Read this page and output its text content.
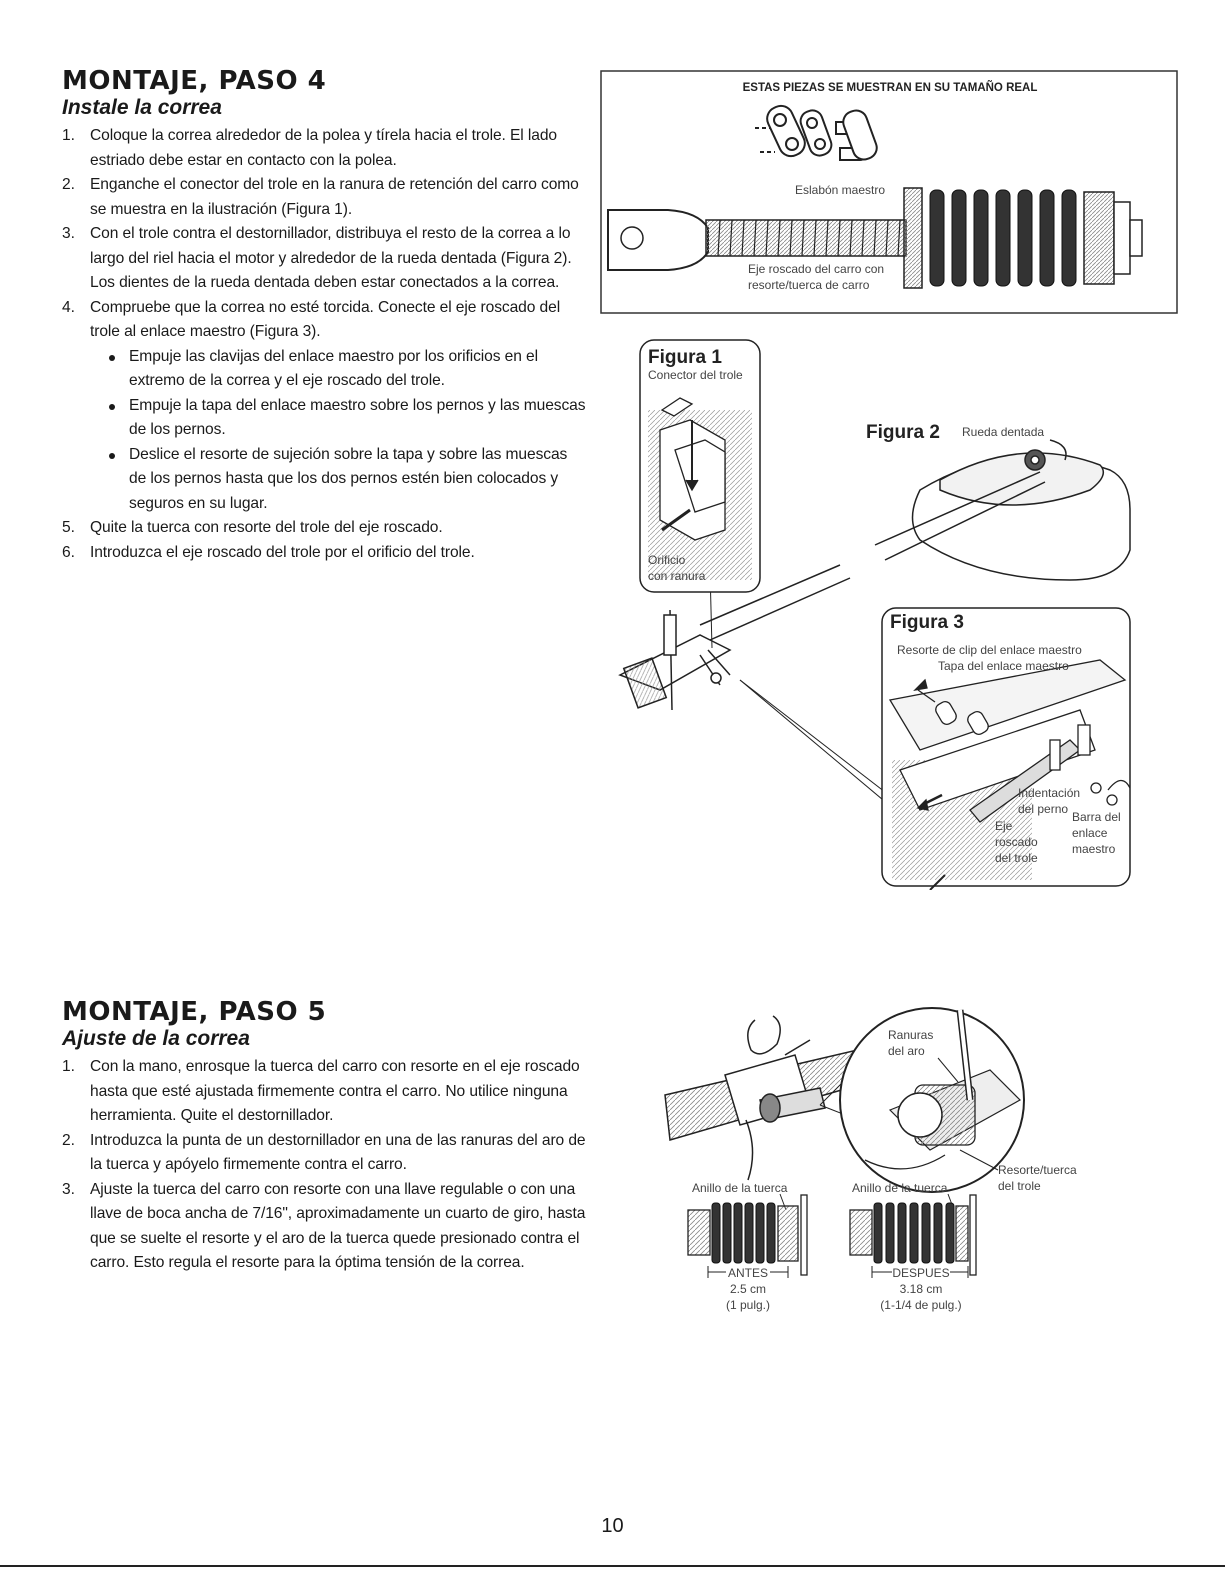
MONTAJE, PASO 4
Instale la correa
1. Coloque la correa alrededor de la polea y tírela hacia el trole. El lado estriado debe estar en contacto con la polea.
2. Enganche el conector del trole en la ranura de retención del carro como se muestra en la ilustración (Figura 1).
3. Con el trole contra el destornillador, distribuya el resto de la correa a lo largo del riel hacia el motor y alrededor de la rueda dentada (Figura 2). Los dientes de la rueda dentada deben estar conectados a la correa.
4. Compruebe que la correa no esté torcida. Conecte el eje roscado del trole al enlace maestro (Figura 3).
Empuje las clavijas del enlace maestro por los orificios en el extremo de la correa y el eje roscado del trole.
Empuje la tapa del enlace maestro sobre los pernos y las muescas de los pernos.
Deslice el resorte de sujeción sobre la tapa y sobre las muescas de los pernos hasta que los dos pernos estén bien colocados y seguros en su lugar.
5. Quite la tuerca con resorte del trole del eje roscado.
6. Introduzca el eje roscado del trole por el orificio del trole.
MONTAJE, PASO 5
Ajuste de la correa
1. Con la mano, enrosque la tuerca del carro con resorte en el eje roscado hasta que esté ajustada firmemente contra el carro. No utilice ninguna herramienta. Quite el destornillador.
2. Introduzca la punta de un destornillador en una de las ranuras del aro de la tuerca y apóyelo firmemente contra el carro.
3. Ajuste la tuerca del carro con resorte con una llave regulable o con una llave de boca ancha de 7/16", aproximadamente un cuarto de giro, hasta que se suelte el resorte y el aro de la tuerca quede presionado contra el carro. Esto regula el resorte para la óptima tensión de la correa.
ESTAS PIEZAS SE MUESTRAN EN SU TAMAÑO REAL
Eslabón maestro
Eje roscado del carro con
resorte/tuerca de carro
Figura 1
Conector del trole
Orificio
con ranura
Figura 2 Rueda dentada
Figura 3
Resorte de clip del enlace maestro
Tapa del enlace maestro
Indentación
del perno
Eje
roscado
del trole
Barra del
enlace
maestro
Ranuras
del aro
Resorte/tuerca
del trole
Anillo de la tuerca
ANTES
2.5 cm
(1 pulg.)
Anillo de la tuerca
DESPUES
3.18 cm
(1-1/4 de pulg.)
10
